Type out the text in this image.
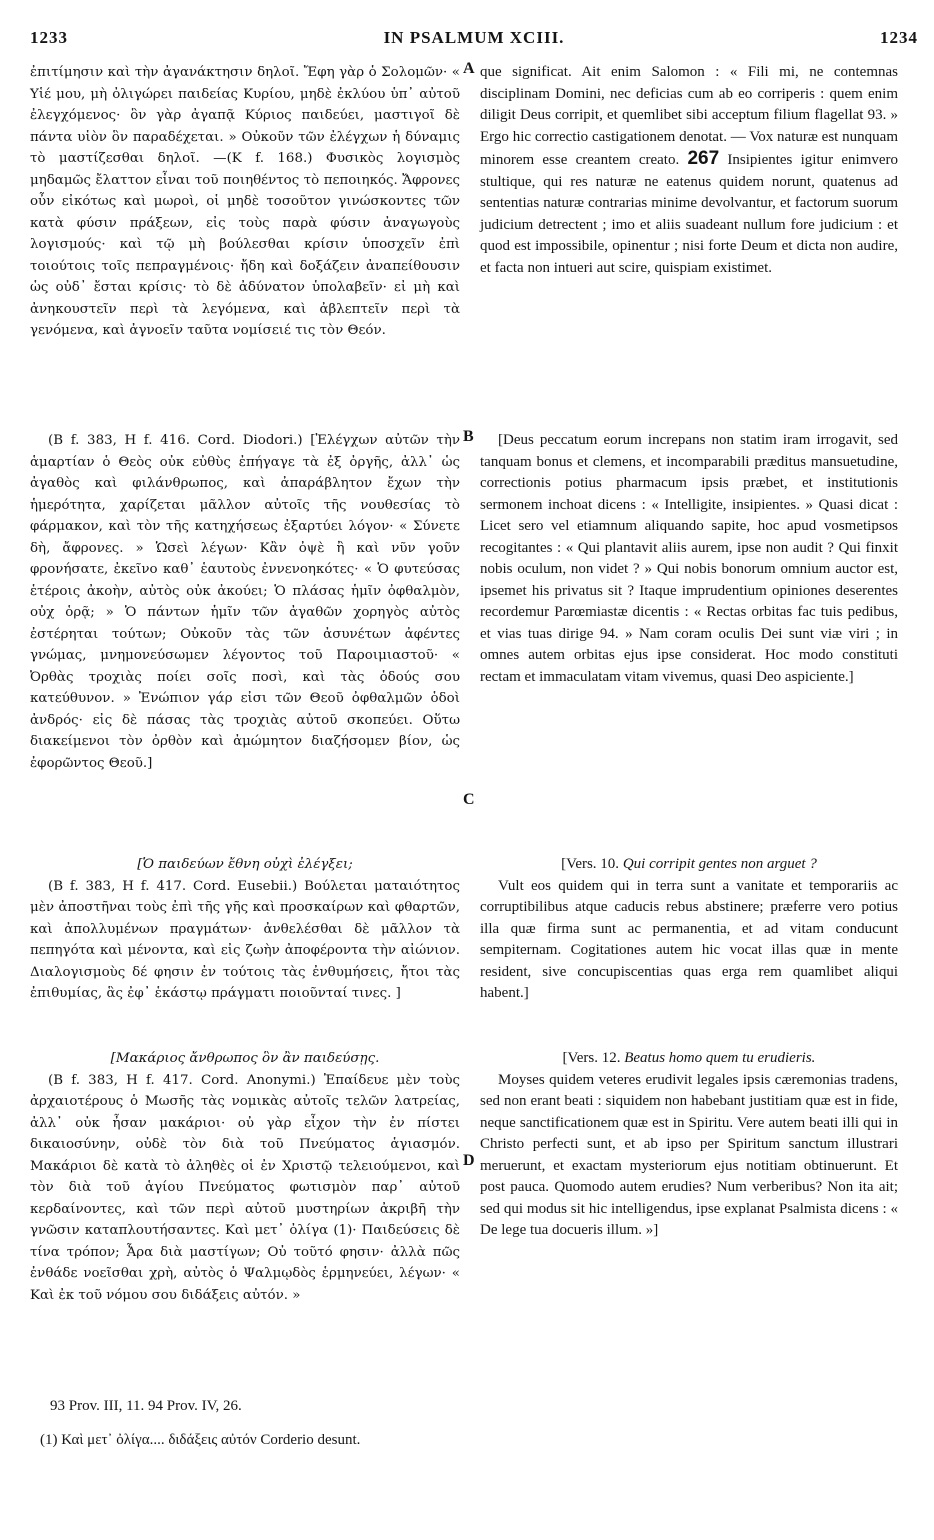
1233	IN PSALMUM XCIII.	1234
A
B
C
D

ἐπιτίμησιν καὶ τὴν ἀγανάκτησιν δηλοῖ. Ἔφη γὰρ ὁ Σολομῶν· « Υἱέ μου, μὴ ὀλιγώρει παιδείας Κυρίου, μηδὲ ἐκλύου ὑπ᾿ αὐτοῦ ἐλεγχόμενος· ὃν γὰρ ἀγαπᾷ Κύριος παιδεύει, μαστιγοῖ δὲ πάντα υἱὸν ὃν παραδέχεται. » Οὐκοῦν τῶν ἐλέγχων ἡ δύναμις τὸ μαστίζεσθαι δηλοῖ. —(K f. 168.) Φυσικὸς λογισμὸς μηδαμῶς ἔλαττον εἶναι τοῦ ποιηθέντος τὸ πεποιηκός. Ἄφρονες οὖν εἰκότως καὶ μωροὶ, οἱ μηδὲ τοσοῦτον γινώσκοντες τῶν κατὰ φύσιν πράξεων, εἰς τοὺς παρὰ φύσιν ἀναγωγοὺς λογισμούς· καὶ τῷ μὴ βούλεσθαι κρίσιν ὑποσχεῖν ἐπὶ τοιούτοις τοῖς πεπραγμένοις· ἤδη καὶ δοξάζειν ἀναπείθουσιν ὡς οὐδ᾿ ἔσται κρίσις· τὸ δὲ ἀδύνατον ὑπολαβεῖν· εἰ μὴ καὶ ἀνηκουστεῖν περὶ τὰ λεγόμενα, καὶ ἀβλεπτεῖν περὶ τὰ γενόμενα, καὶ ἀγνοεῖν ταῦτα νομίσειέ τις τὸν Θεόν.

(B f. 383, H f. 416. Cord. Diodori.) [Ἐλέγχων αὐτῶν τὴν ἁμαρτίαν ὁ Θεὸς οὐκ εὐθὺς ἐπήγαγε τὰ ἐξ ὀργῆς, ἀλλ᾿ ὡς ἀγαθὸς καὶ φιλάνθρωπος, καὶ ἀπαράβλητον ἔχων τὴν ἡμερότητα, χαρίζεται μᾶλλον αὐτοῖς τῆς νουθεσίας τὸ φάρμακον, καὶ τὸν τῆς κατηχήσεως ἐξαρτύει λόγον· « Σύνετε δὴ, ἄφρονες. » Ὡσεὶ λέγων· Κἂν ὀψὲ ἢ καὶ νῦν γοῦν φρονήσατε, ἐκεῖνο καθ᾿ ἑαυτοὺς ἐννενοηκότες· « Ὁ φυτεύσας ἑτέροις ἀκοὴν, αὐτὸς οὐκ ἀκούει; Ὁ πλάσας ἡμῖν ὀφθαλμὸν, οὐχ ὁρᾷ; » Ὁ πάντων ἡμῖν τῶν ἀγαθῶν χορηγὸς αὐτὸς ἐστέρηται τούτων; Οὐκοῦν τὰς τῶν ἀσυνέτων ἀφέντες γνώμας, μνημονεύσωμεν λέγοντος τοῦ Παροιμιαστοῦ· « Ὀρθὰς τροχιὰς ποίει σοῖς ποσὶ, καὶ τὰς ὁδούς σου κατεύθυνον. » Ἐνώπιον γάρ εἰσι τῶν Θεοῦ ὀφθαλμῶν ὁδοὶ ἀνδρός· εἰς δὲ πάσας τὰς τροχιὰς αὐτοῦ σκοπεύει. Οὕτω διακείμενοι τὸν ὀρθὸν καὶ ἀμώμητον διαζήσομεν βίον, ὡς ἐφορῶντος Θεοῦ.]

[Ὁ παιδεύων ἔθνη οὐχὶ ἐλέγξει;

(B f. 383, H f. 417. Cord. Eusebii.) Βούλεται ματαιότητος μὲν ἀποστῆναι τοὺς ἐπὶ τῆς γῆς καὶ προσκαίρων καὶ φθαρτῶν, καὶ ἀπολλυμένων πραγμάτων· ἀνθελέσθαι δὲ μᾶλλον τὰ πεπηγότα καὶ μένοντα, καὶ εἰς ζωὴν ἀποφέροντα τὴν αἰώνιον. Διαλογισμοὺς δέ φησιν ἐν τούτοις τὰς ἐνθυμήσεις, ἤτοι τὰς ἐπιθυμίας, ἃς ἐφ᾿ ἑκάστῳ πράγματι ποιοῦνταί τινες. ]

[Μακάριος ἄνθρωπος ὃν ἂν παιδεύσῃς.

(B f. 383, H f. 417. Cord. Anonymi.) Ἐπαίδευε μὲν τοὺς ἀρχαιοτέρους ὁ Μωσῆς τὰς νομικὰς αὐτοῖς τελῶν λατρείας, ἀλλ᾿ οὐκ ἦσαν μακάριοι· οὐ γὰρ εἶχον τὴν ἐν πίστει δικαιοσύνην, οὐδὲ τὸν διὰ τοῦ Πνεύματος ἁγιασμόν. Μακάριοι δὲ κατὰ τὸ ἀληθὲς οἱ ἐν Χριστῷ τελειούμενοι, καὶ τὸν διὰ τοῦ ἁγίου Πνεύματος φωτισμὸν παρ᾿ αὐτοῦ κερδαίνοντες, καὶ τῶν περὶ αὐτοῦ μυστηρίων ἀκριβῆ τὴν γνῶσιν καταπλουτήσαντες. Καὶ μετ᾿ ὀλίγα (1)· Παιδεύσεις δὲ τίνα τρόπον; Ἆρα διὰ μαστίγων; Οὐ τοῦτό φησιν· ἀλλὰ πῶς ἐνθάδε νοεῖσθαι χρὴ, αὐτὸς ὁ Ψαλμῳδὸς ἑρμηνεύει, λέγων· « Καὶ ἐκ τοῦ νόμου σου διδάξεις αὐτόν. »

que significat. Ait enim Salomon : « Fili mi, ne contemnas disciplinam Domini, nec deficias cum ab eo corriperis : quem enim diligit Deus corripit, et quemlibet sibi acceptum filium flagellat 93. » Ergo hic correctio castigationem denotat. — Vox naturæ est nunquam minorem esse creantem creato. 267 Insipientes igitur enimvero stultique, qui res naturæ ne eatenus quidem norunt, quatenus ad sententias naturæ contrarias minime devolvantur, et factorum suorum judicium detrectent ; imo et aliis suadeant nullum fore judicium : et quod est impossibile, opinentur ; nisi forte Deum et dicta non audire, et facta non intueri aut scire, quispiam existimet.

[Deus peccatum eorum increpans non statim iram irrogavit, sed tanquam bonus et clemens, et incomparabili præditus mansuetudine, correctionis potius pharmacum ipsis præbet, et institutionis sermonem inchoat dicens : « Intelligite, insipientes. » Quasi dicat : Licet sero vel etiamnum aliquando sapite, hoc apud vosmetipsos recogitantes : « Qui plantavit aliis aurem, ipse non audit ? Qui finxit nobis oculum, non videt ? » Qui nobis bonorum omnium auctor est, ipsemet his privatus sit ? Itaque imprudentium opiniones deserentes recordemur Parœmiastæ dicentis : « Rectas orbitas fac tuis pedibus, et vias tuas dirige 94. » Nam coram oculis Dei sunt viæ viri ; in omnes autem orbitas ejus ipse considerat. Hoc modo constituti rectam et immaculatam vitam vivemus, quasi Deo aspiciente.]

[Vers. 10. Qui corripit gentes non arguet ?

Vult eos quidem qui in terra sunt a vanitate et temporariis ac corruptibilibus atque caducis rebus abstinere; præferre vero potius illa quæ firma sunt ac permanentia, et ad vitam conducunt sempiternam. Cogitationes autem hic vocat illas quæ in mente resident, sive concupiscentias quas erga rem quamlibet aliqui habent.]

[Vers. 12. Beatus homo quem tu erudieris.

Moyses quidem veteres erudivit legales ipsis cæremonias tradens, sed non erant beati : siquidem non habebant justitiam quæ est in fide, neque sanctificationem quæ est in Spiritu. Vere autem beati illi qui in Christo perfecti sunt, et ab ipso per Spiritum sanctum illustrari meruerunt, et exactam mysteriorum ejus notitiam obtinuerunt. Et post pauca. Quomodo autem erudies? Num verberibus? Non ita ait; sed qui modus sit hic intelligendus, ipse explanat Psalmista dicens : « De lege tua docueris illum. »]

93 Prov. III, 11. 94 Prov. IV, 26.
(1) Καὶ μετ᾿ ὀλίγα.... διδάξεις αὐτόν Corderio desunt.
